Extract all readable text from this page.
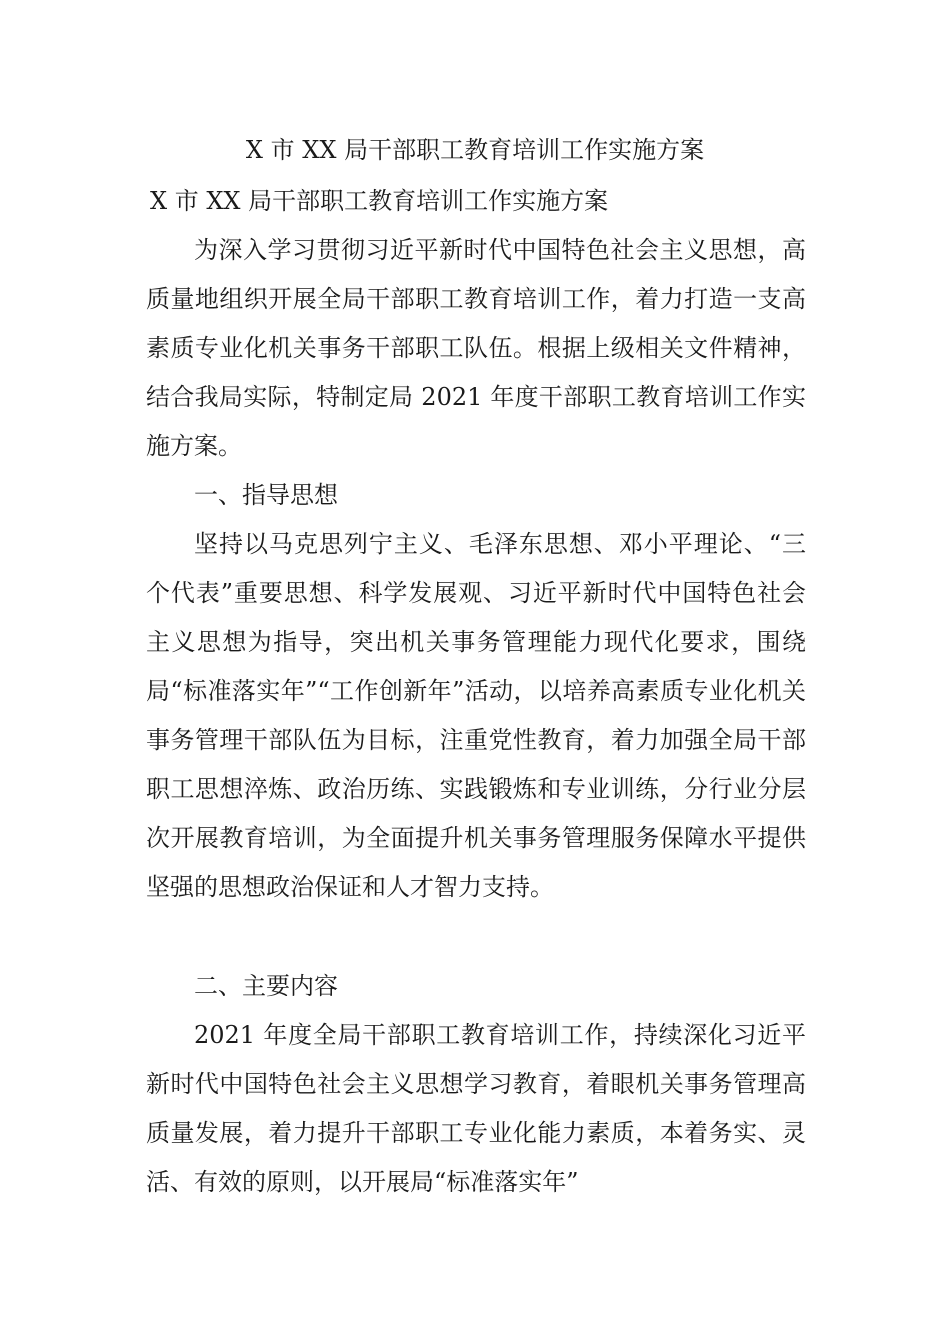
X 市 XX 局干部职工教育培训工作实施方案
X 市 XX 局干部职工教育培训工作实施方案

为深入学习贯彻习近平新时代中国特色社会主义思想，高质量地组织开展全局干部职工教育培训工作，着力打造一支高素质专业化机关事务干部职工队伍。根据上级相关文件精神，结合我局实际，特制定局 2021 年度干部职工教育培训工作实施方案。

一、指导思想

坚持以马克思列宁主义、毛泽东思想、邓小平理论、“三个代表”重要思想、科学发展观、习近平新时代中国特色社会主义思想为指导，突出机关事务管理能力现代化要求，围绕局“标准落实年”“工作创新年”活动，以培养高素质专业化机关事务管理干部队伍为目标，注重党性教育，着力加强全局干部职工思想淬炼、政治历练、实践锻炼和专业训练，分行业分层次开展教育培训，为全面提升机关事务管理服务保障水平提供坚强的思想政治保证和人才智力支持。

二、主要内容

2021 年度全局干部职工教育培训工作，持续深化习近平新时代中国特色社会主义思想学习教育，着眼机关事务管理高质量发展，着力提升干部职工专业化能力素质，本着务实、灵活、有效的原则，以开展局“标准落实年”
